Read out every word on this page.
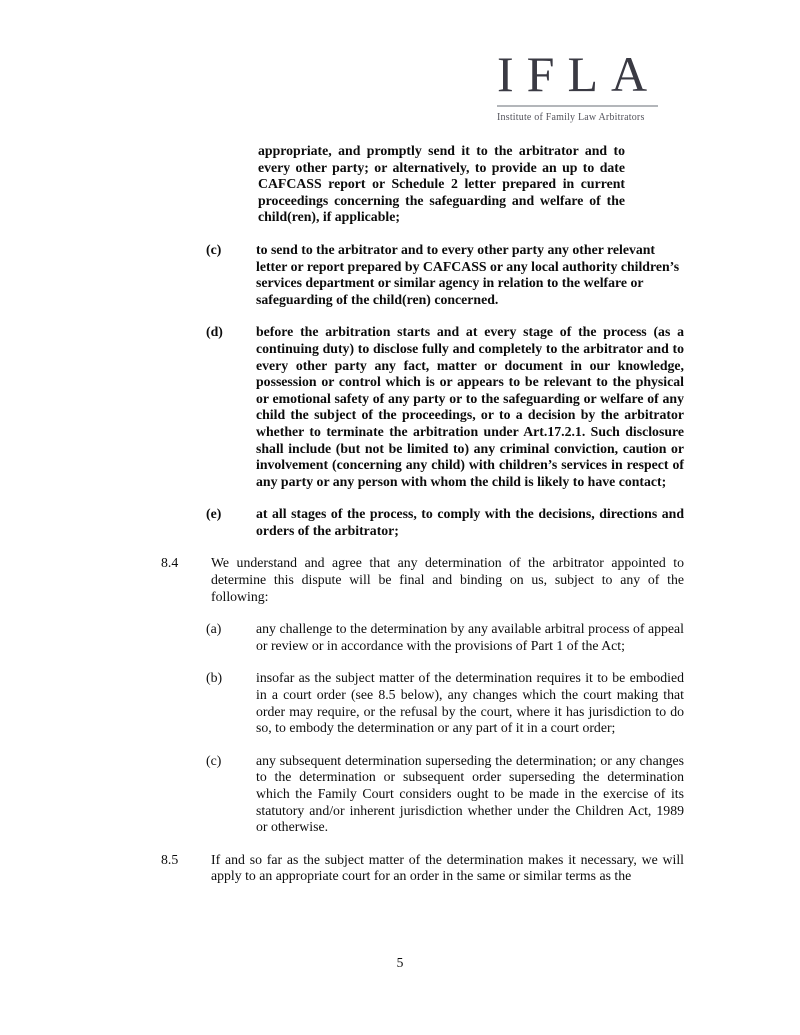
IFLA
Institute of Family Law Arbitrators
appropriate, and promptly send it to the arbitrator and to every other party; or alternatively, to provide an up to date CAFCASS report or Schedule 2 letter prepared in current proceedings concerning the safeguarding and welfare of the child(ren), if applicable;
(c)	to send to the arbitrator and to every other party any other relevant letter or report prepared by CAFCASS or any local authority children’s services department or similar agency in relation to the welfare or safeguarding of the child(ren) concerned.
(d) before the arbitration starts and at every stage of the process (as a continuing duty) to disclose fully and completely to the arbitrator and to every other party any fact, matter or document in our knowledge, possession or control which is or appears to be relevant to the physical or emotional safety of any party or to the safeguarding or welfare of any child the subject of the proceedings, or to a decision by the arbitrator whether to terminate the arbitration under Art.17.2.1. Such disclosure shall include (but not be limited to) any criminal conviction, caution or involvement (concerning any child) with children’s services in respect of any party or any person with whom the child is likely to have contact;
(e)	at all stages of the process, to comply with the decisions, directions and orders of the arbitrator;
8.4 We understand and agree that any determination of the arbitrator appointed to determine this dispute will be final and binding on us, subject to any of the following:
(a)	any challenge to the determination by any available arbitral process of appeal or review or in accordance with the provisions of Part 1 of the Act;
(b) insofar as the subject matter of the determination requires it to be embodied in a court order (see 8.5 below), any changes which the court making that order may require, or the refusal by the court, where it has jurisdiction to do so, to embody the determination or any part of it in a court order;
(c)	any subsequent determination superseding the determination; or any changes to the determination or subsequent order superseding the determination which the Family Court considers ought to be made in the exercise of its statutory and/or inherent jurisdiction whether under the Children Act, 1989 or otherwise.
8.5 If and so far as the subject matter of the determination makes it necessary, we will apply to an appropriate court for an order in the same or similar terms as the
5
